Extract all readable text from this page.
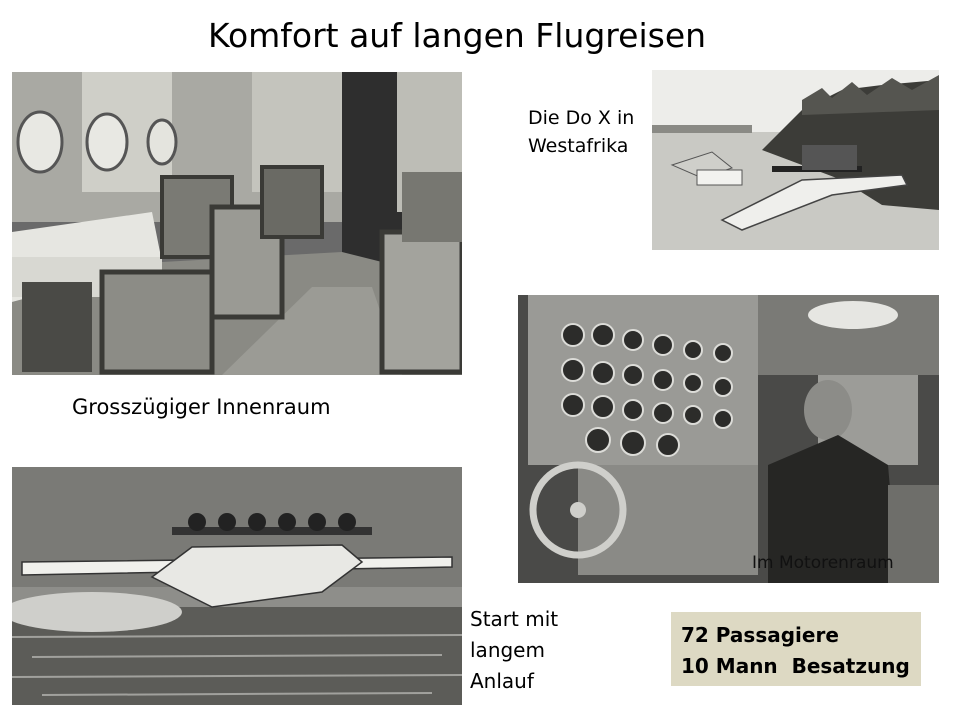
Komfort auf langen Flugreisen
Im Motorenraum
Grosszügiger Innenraum
Die Do X in
Westafrika
Start mit
langem
Anlauf
72 Passagiere
10 Mann  Besatzung
